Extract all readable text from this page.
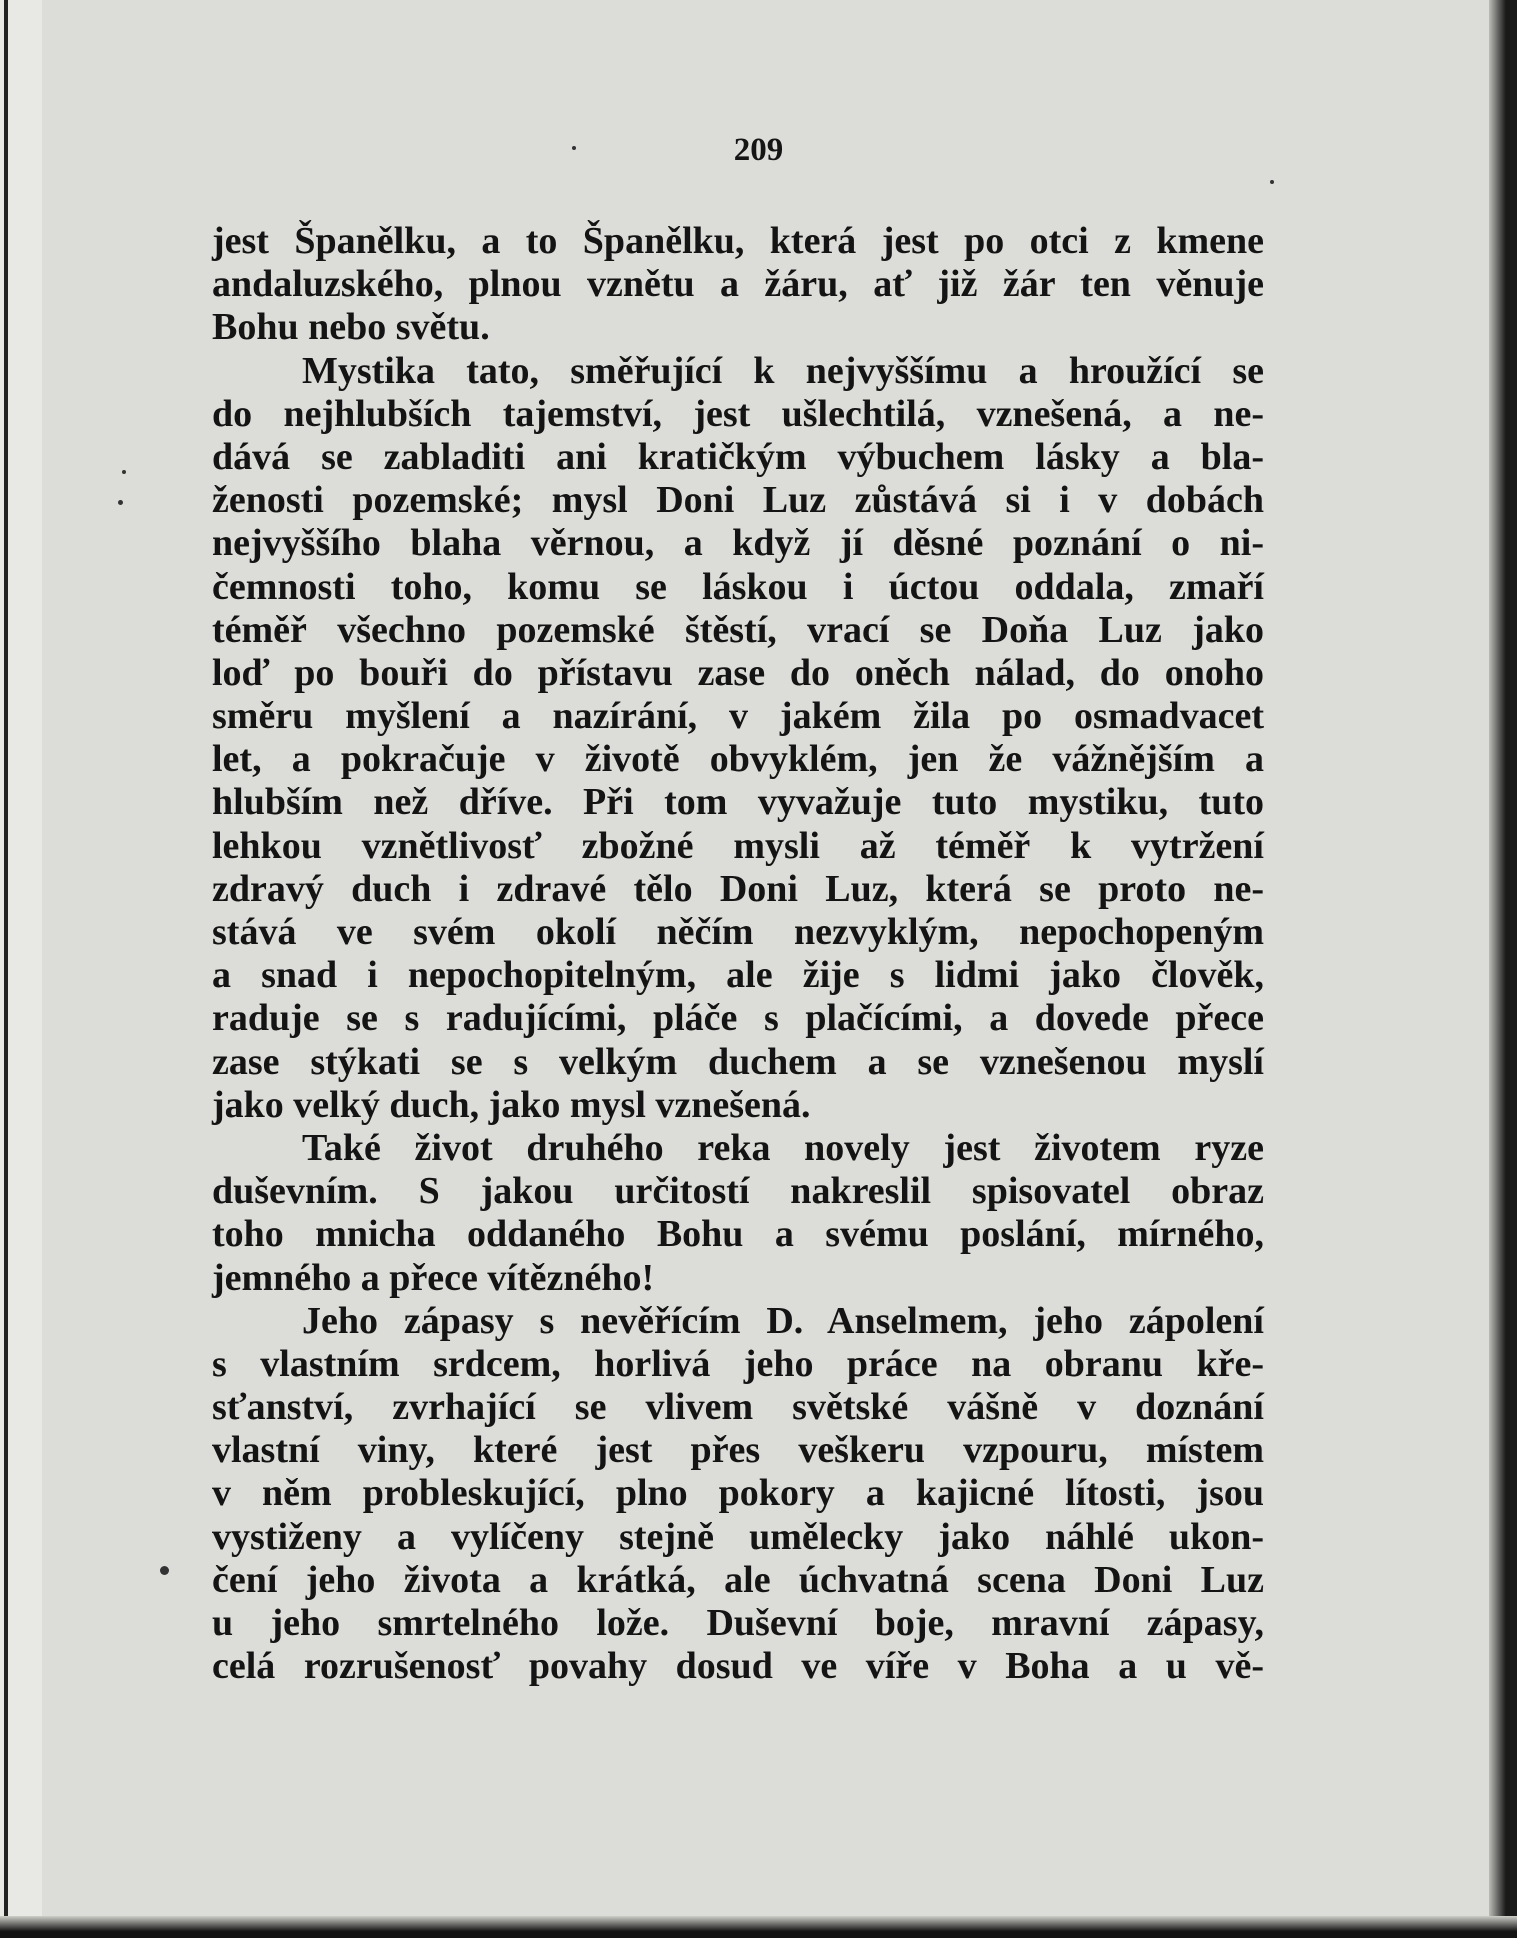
209
jest Španělku, a to Španělku, která jest po otci z kmene
andaluzského, plnou vznětu a žáru, ať již žár ten věnuje
Bohu nebo světu.
Mystika tato, směřující k nejvyššímu a hroužící se
do nejhlubších tajemství, jest ušlechtilá, vznešená, a ne-
dává se zabladiti ani kratičkým výbuchem lásky a bla-
ženosti pozemské; mysl Doni Luz zůstává si i v dobách
nejvyššího blaha věrnou, a když jí děsné poznání o ni-
čemnosti toho, komu se láskou i úctou oddala, zmaří
téměř všechno pozemské štěstí, vrací se Doňa Luz jako
loď po bouři do přístavu zase do oněch nálad, do onoho
směru myšlení a nazírání, v jakém žila po osmadvacet
let, a pokračuje v životě obvyklém, jen že vážnějším a
hlubším než dříve. Při tom vyvažuje tuto mystiku, tuto
lehkou vznětlivosť zbožné mysli až téměř k vytržení
zdravý duch i zdravé tělo Doni Luz, která se proto ne-
stává ve svém okolí něčím nezvyklým, nepochopeným
a snad i nepochopitelným, ale žije s lidmi jako člověk,
raduje se s radujícími, pláče s plačícími, a dovede přece
zase stýkati se s velkým duchem a se vznešenou myslí
jako velký duch, jako mysl vznešená.
Také život druhého reka novely jest životem ryze
duševním. S jakou určitostí nakreslil spisovatel obraz
toho mnicha oddaného Bohu a svému poslání, mírného,
jemného a přece vítězného!
Jeho zápasy s nevěřícím D. Anselmem, jeho zápolení
s vlastním srdcem, horlivá jeho práce na obranu kře-
sťanství, zvrhající se vlivem světské vášně v doznání
vlastní viny, které jest přes veškeru vzpouru, místem
v něm probleskující, plno pokory a kajicné lítosti, jsou
vystiženy a vylíčeny stejně umělecky jako náhlé ukon-
čení jeho života a krátká, ale úchvatná scena Doni Luz
u jeho smrtelného lože. Duševní boje, mravní zápasy,
celá rozrušenosť povahy dosud ve víře v Boha a u vě-
